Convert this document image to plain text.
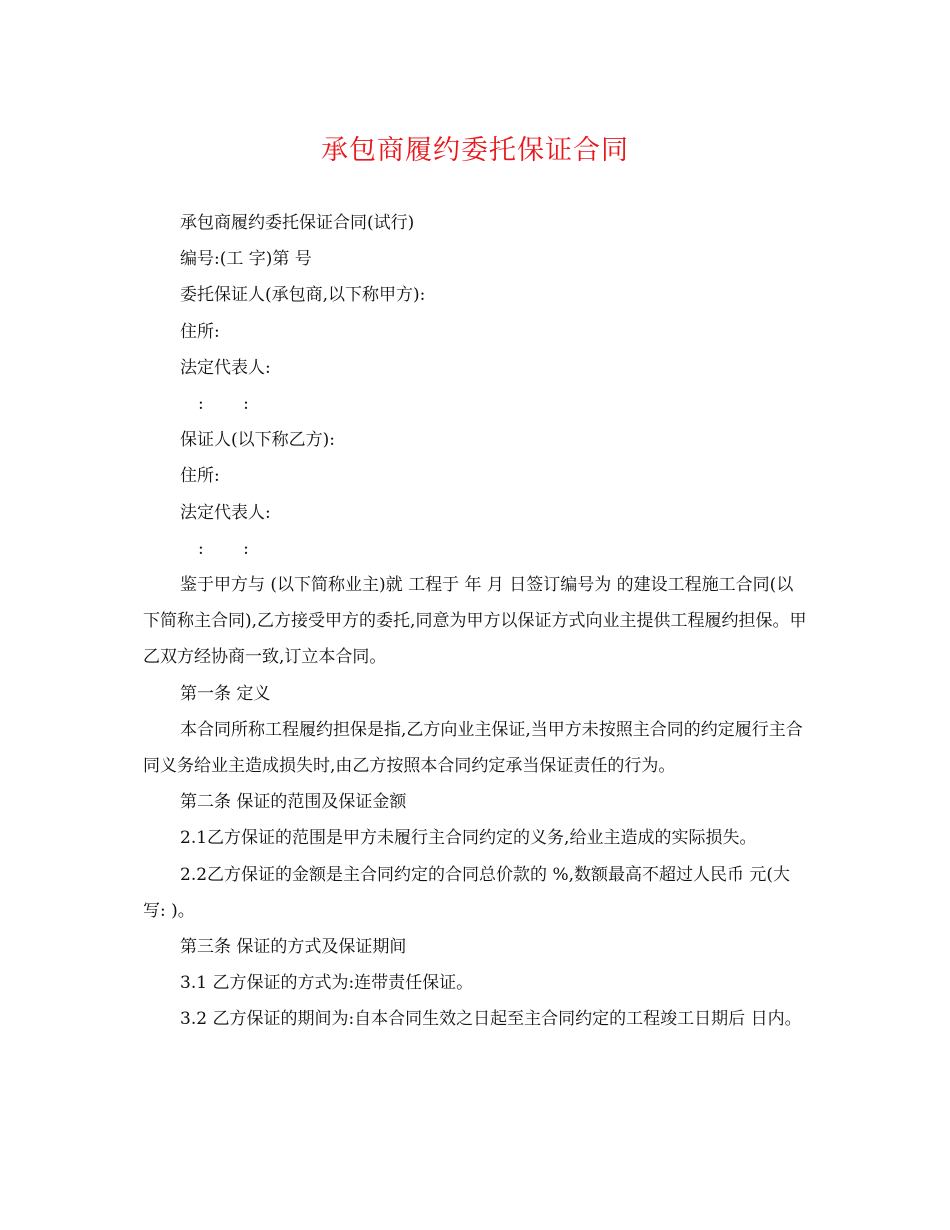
承包商履约委托保证合同

承包商履约委托保证合同(试行)

编号:(工 字)第 号

委托保证人(承包商,以下称甲方):

住所:

法定代表人:

:　　 :

保证人(以下称乙方):

住所:

法定代表人:

:　　 :

鉴于甲方与 (以下简称业主)就 工程于 年 月 日签订编号为 的建设工程施工合同(以下简称主合同),乙方接受甲方的委托,同意为甲方以保证方式向业主提供工程履约担保。甲乙双方经协商一致,订立本合同。

第一条 定义

本合同所称工程履约担保是指,乙方向业主保证,当甲方未按照主合同的约定履行主合同义务给业主造成损失时,由乙方按照本合同约定承当保证责任的行为。

第二条 保证的范围及保证金额

2.1乙方保证的范围是甲方未履行主合同约定的义务,给业主造成的实际损失。

2.2乙方保证的金额是主合同约定的合同总价款的 %,数额最高不超过人民币 元(大写: )。

第三条 保证的方式及保证期间

3.1 乙方保证的方式为:连带责任保证。

3.2 乙方保证的期间为:自本合同生效之日起至主合同约定的工程竣工日期后 日内。
